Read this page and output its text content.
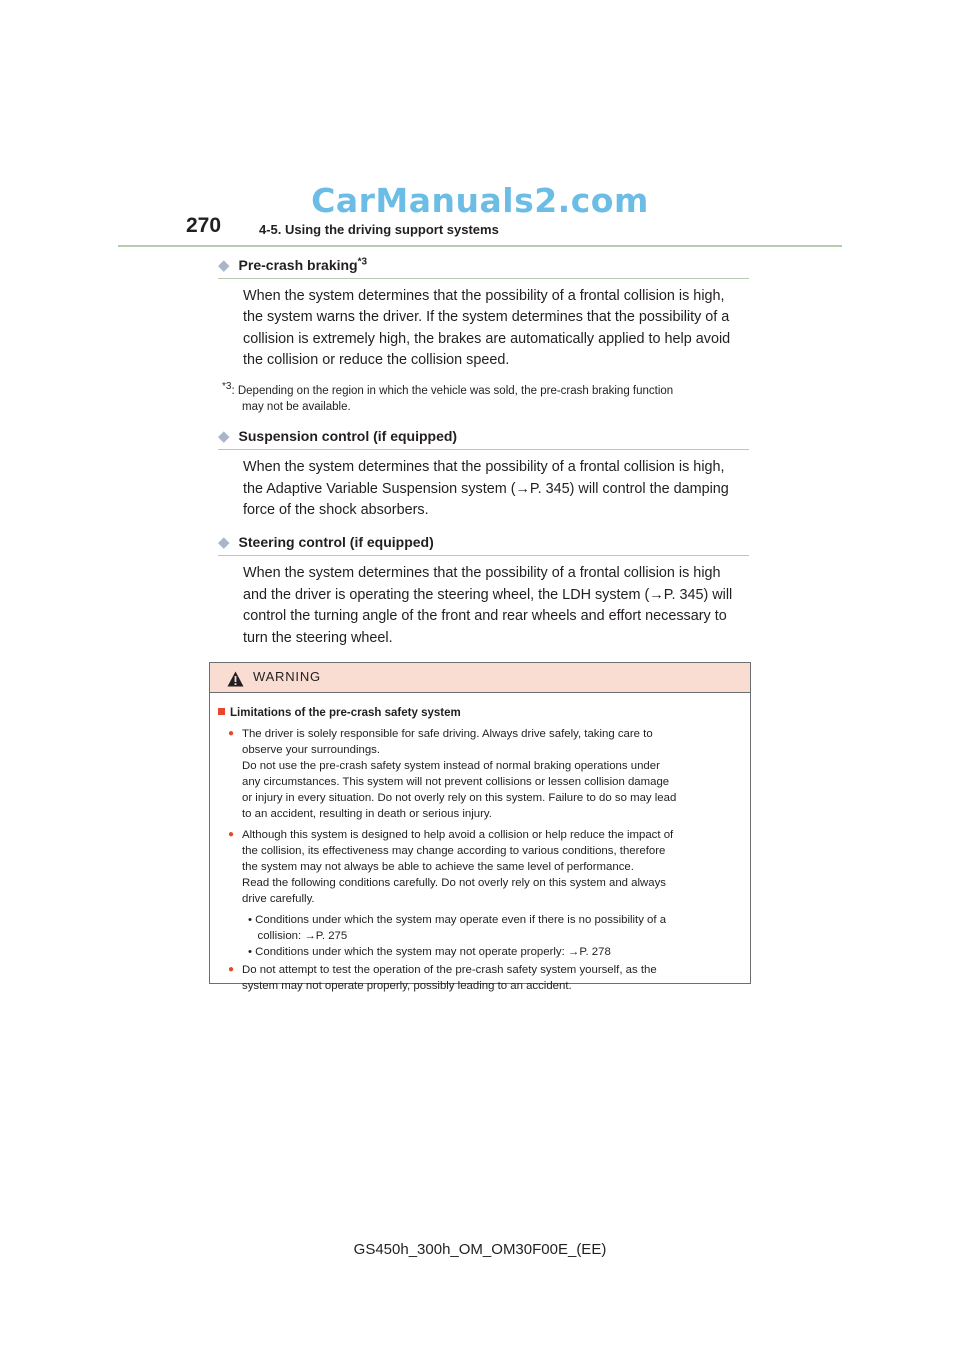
CarManuals2.com
270	4-5. Using the driving support systems
◆ Pre-crash braking$^{*3}$

When the system determines that the possibility of a frontal collision is high,

the system warns the driver. If the system determines that the possibility of a

collision is extremely high, the brakes are automatically applied to help avoid

the collision or reduce the collision speed.

$^{*3}$: Depending on the region in which the vehicle was sold, the pre-crash braking function

may not be available.

◆ Suspension control (if equipped)

When the system determines that the possibility of a frontal collision is high,

the Adaptive Variable Suspension system (→P. 345) will control the damping

force of the shock absorbers.

◆ Steering control (if equipped)

When the system determines that the possibility of a frontal collision is high

and the driver is operating the steering wheel, the LDH system (→P. 345) will

control the turning angle of the front and rear wheels and effort necessary to

turn the steering wheel.

WARNING
Limitations of the pre-crash safety system
● The driver is solely responsible for safe driving. Always drive safely, taking care to

observe your surroundings.

Do not use the pre-crash safety system instead of normal braking operations under

any circumstances. This system will not prevent collisions or lessen collision damage

or injury in every situation. Do not overly rely on this system. Failure to do so may lead

to an accident, resulting in death or serious injury.

● Although this system is designed to help avoid a collision or help reduce the impact of

the collision, its effectiveness may change according to various conditions, therefore

the system may not always be able to achieve the same level of performance.

Read the following conditions carefully. Do not overly rely on this system and always

drive carefully.

• Conditions under which the system may operate even if there is no possibility of a

collision: →P. 275

• Conditions under which the system may not operate properly: →P. 278

● Do not attempt to test the operation of the pre-crash safety system yourself, as the

system may not operate properly, possibly leading to an accident.

GS450h_300h_OM_OM30F00E_(EE)
